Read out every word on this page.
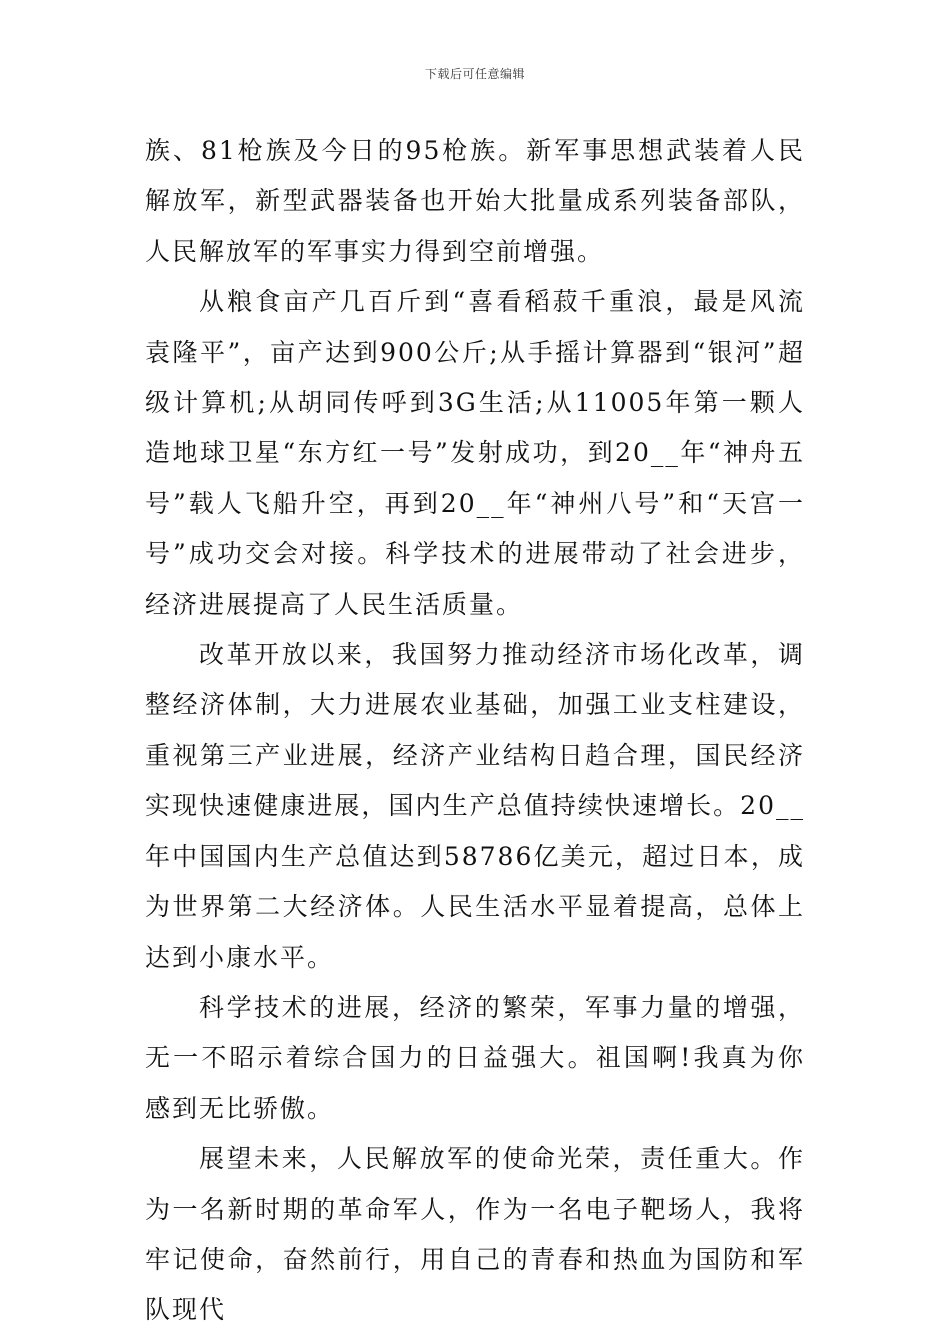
下载后可任意编辑

族、81枪族及今日的95枪族。新军事思想武装着人民解放军，新型武器装备也开始大批量成系列装备部队，人民解放军的军事实力得到空前增强。

从粮食亩产几百斤到“喜看稻菽千重浪，最是风流袁隆平”，亩产达到900公斤;从手摇计算器到“银河”超级计算机;从胡同传呼到3G生活;从11005年第一颗人造地球卫星“东方红一号”发射成功，到20__年“神舟五号”载人飞船升空，再到20__年“神州八号”和“天宫一号”成功交会对接。科学技术的进展带动了社会进步，经济进展提高了人民生活质量。

改革开放以来，我国努力推动经济市场化改革，调整经济体制，大力进展农业基础，加强工业支柱建设，重视第三产业进展，经济产业结构日趋合理，国民经济实现快速健康进展，国内生产总值持续快速增长。20__年中国国内生产总值达到58786亿美元，超过日本，成为世界第二大经济体。人民生活水平显着提高，总体上达到小康水平。

科学技术的进展，经济的繁荣，军事力量的增强，无一不昭示着综合国力的日益强大。祖国啊!我真为你感到无比骄傲。

展望未来，人民解放军的使命光荣，责任重大。作为一名新时期的革命军人，作为一名电子靶场人，我将牢记使命，奋然前行，用自己的青春和热血为国防和军队现代
